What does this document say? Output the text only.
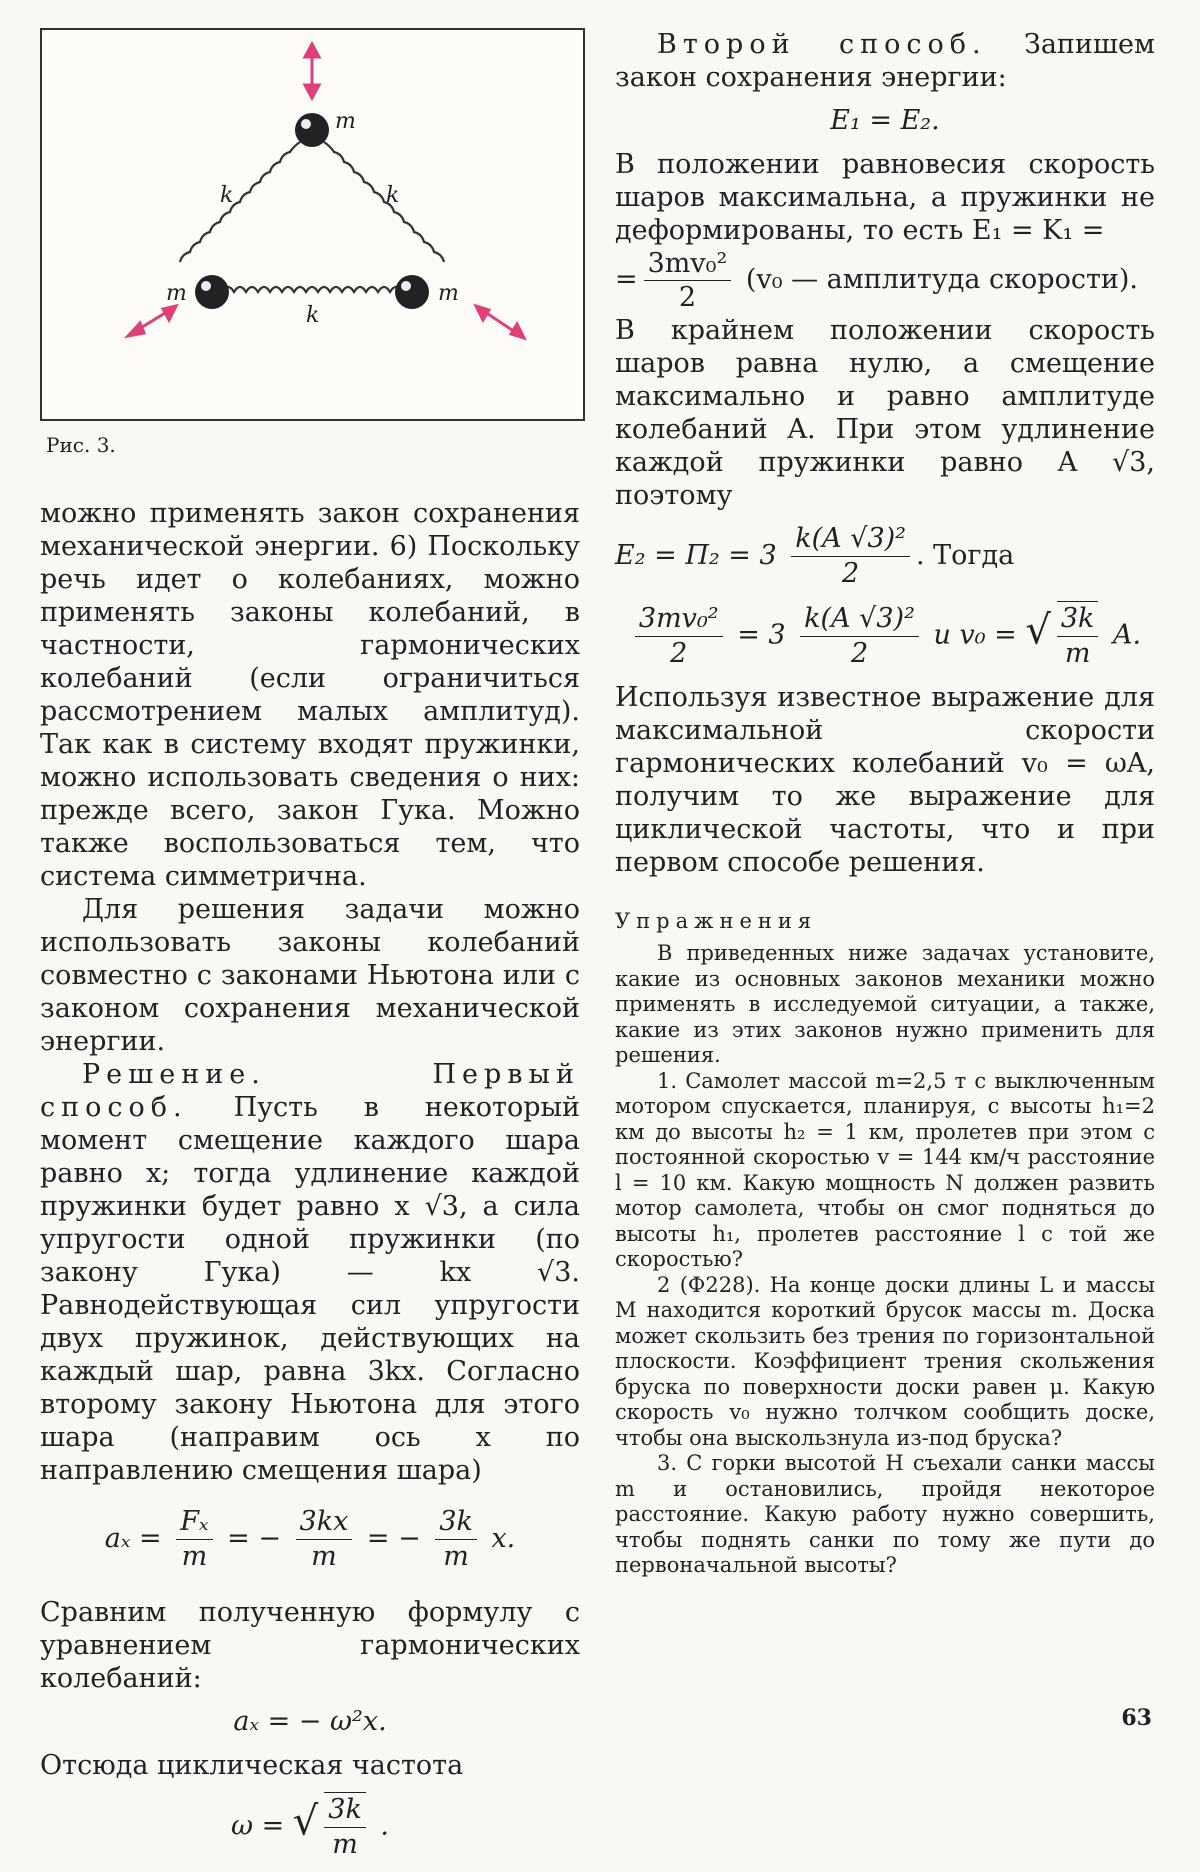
m
m	m
k	k
k

Рис. 3.

можно применять закон сохранения механической энергии. 6) Поскольку речь идет о колебаниях, можно применять законы колебаний, в частности, гармонических колебаний (если ограничиться рассмотрением малых амплитуд). Так как в систему входят пружинки, можно использовать сведения о них: прежде всего, закон Гука. Можно также воспользоваться тем, что система симметрична.

Для решения задачи можно использовать законы колебаний совместно с законами Ньютона или с законом сохранения механической энергии.

Решение. Первый способ. Пусть в некоторый момент смещение каждого шара равно x; тогда удлинение каждой пружинки будет равно x √3, а сила упругости одной пружинки (по закону Гука) — kx √3. Равнодействующая сил упругости двух пружинок, действующих на каждый шар, равна 3kx. Согласно второму закону Ньютона для этого шара (направим ось x по направлению смещения шара)

$a_x = \frac{\text{Fₓ}}{m}$ = − $\frac{3kx}{m}$ = − $\frac{3k}{m} x$.

Сравним полученную формулу с уравнением гармонических колебаний:

aₓ = − ω²x.

Отсюда циклическая частота

ω = √ $\frac{3k}{m}$ .

Второй способ. Запишем закон сохранения энергии:

E₁ = E₂.

В положении равновесия скорость шаров максимальна, а пружинки не деформированы, то есть E₁ = K₁ =

= $\frac{\text{3mv₀²}}{2} (v_0$ — амплитуда скорости).

В крайнем положении скорость шаров равна нулю, а смещение максимально и равно амплитуде колебаний A. При этом удлинение каждой пружинки равно A √3, поэтому

$E_2 = \Pi_2 = 3 \frac{\text{k(A √3)²}}{2}$ . Тогда
$\frac{\text{3mv₀²}}{2} = 3 \frac{\text{k(A √3)²}}{2}$ и v₀ = √ $\frac{3k}{m} A$.

Используя известное выражение для максимальной скорости гармонических колебаний v₀ = ωA, получим то же выражение для циклической частоты, что и при первом способе решения.

Упражнения

В приведенных ниже задачах установите, какие из основных законов механики можно применять в исследуемой ситуации, а также, какие из этих законов нужно применить для решения.

1. Самолет массой m=2,5 т с выключенным мотором спускается, планируя, с высоты h₁=2 км до высоты h₂ = 1 км, пролетев при этом с постоянной скоростью v = 144 км/ч расстояние l = 10 км. Какую мощность N должен развить мотор самолета, чтобы он смог подняться до высоты h₁, пролетев расстояние l с той же скоростью?

2 (Ф228). На конце доски длины L и массы M находится короткий брусок массы m. Доска может скользить без трения по горизонтальной плоскости. Коэффициент трения скольжения бруска по поверхности доски равен μ. Какую скорость v₀ нужно толчком сообщить доске, чтобы она выскользнула из-под бруска?

3. С горки высотой H съехали санки массы m и остановились, пройдя некоторое расстояние. Какую работу нужно совершить, чтобы поднять санки по тому же пути до первоначальной высоты?

63
